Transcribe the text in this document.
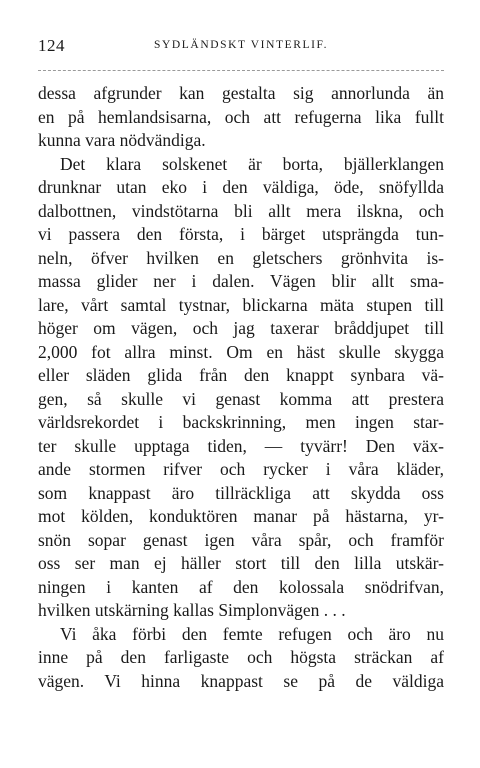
124	SYDLÄNDSKT VINTERLIF.
dessa afgrunder kan gestalta sig annorlunda än
en på hemlandsisarna, och att refugerna lika fullt
kunna vara nödvändiga.
Det klara solskenet är borta, bjällerklangen
drunknar utan eko i den väldiga, öde, snöfyllda
dalbottnen, vindstötarna bli allt mera ilskna, och
vi passera den första, i bärget utsprängda tun-
neln, öfver hvilken en gletschers grönhvita is-
massa glider ner i dalen. Vägen blir allt sma-
lare, vårt samtal tystnar, blickarna mäta stupen till
höger om vägen, och jag taxerar bråddjupet till
2,000 fot allra minst. Om en häst skulle skygga
eller släden glida från den knappt synbara vä-
gen, så skulle vi genast komma att prestera
världsrekordet i backskrinning, men ingen star-
ter skulle upptaga tiden, — tyvärr! Den väx-
ande stormen rifver och rycker i våra kläder,
som knappast äro tillräckliga att skydda oss
mot kölden, konduktören manar på hästarna, yr-
snön sopar genast igen våra spår, och framför
oss ser man ej häller stort till den lilla utskär-
ningen i kanten af den kolossala snödrifvan,
hvilken utskärning kallas Simplonvägen . . .
Vi åka förbi den femte refugen och äro nu
inne på den farligaste och högsta sträckan af
vägen. Vi hinna knappast se på de väldiga
